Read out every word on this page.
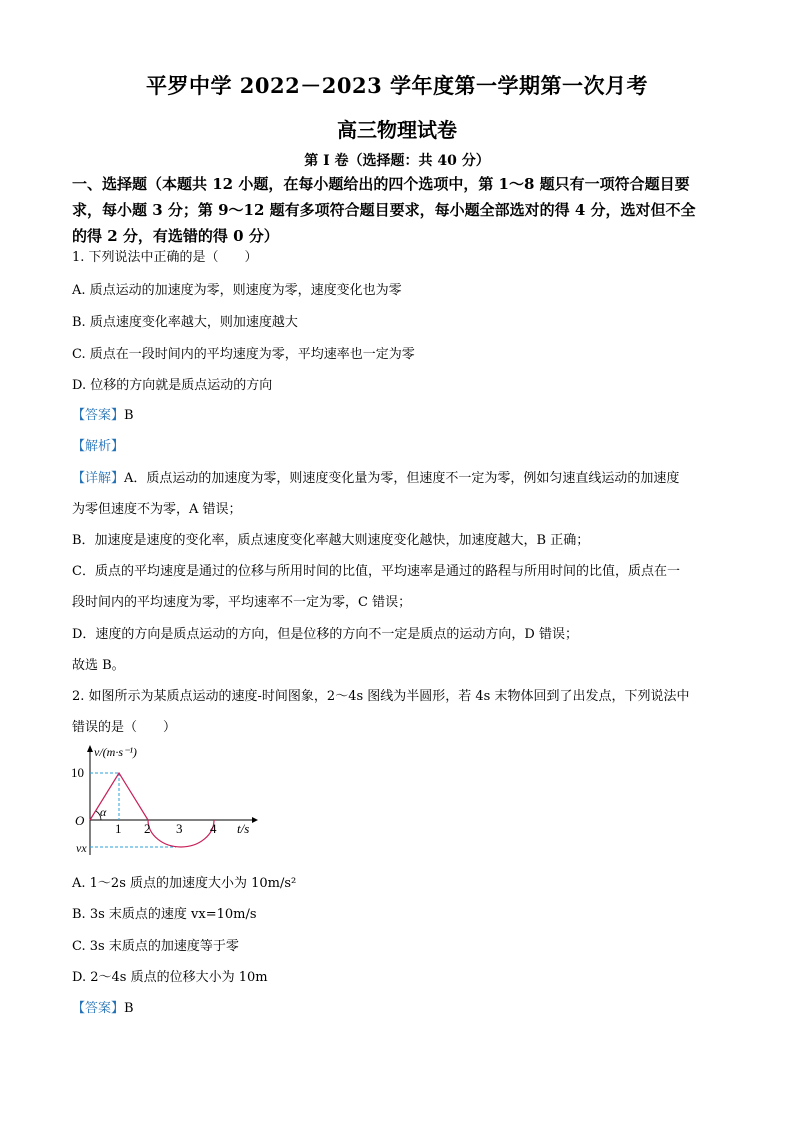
平罗中学 2022－2023 学年度第一学期第一次月考
高三物理试卷
第 I 卷（选择题：共 40 分）
一、选择题（本题共 12 小题，在每小题给出的四个选项中，第 1～8 题只有一项符合题目要
求，每小题 3 分；第 9～12 题有多项符合题目要求，每小题全部选对的得 4 分，选对但不全
的得 2 分，有选错的得 0 分）
1. 下列说法中正确的是（　　）
A. 质点运动的加速度为零，则速度为零，速度变化也为零
B. 质点速度变化率越大，则加速度越大
C. 质点在一段时间内的平均速度为零，平均速率也一定为零
D. 位移的方向就是质点运动的方向
【答案】B
【解析】
【详解】A．质点运动的加速度为零，则速度变化量为零，但速度不一定为零，例如匀速直线运动的加速度
为零但速度不为零，A 错误；
B．加速度是速度的变化率，质点速度变化率越大则速度变化越快，加速度越大，B 正确；
C．质点的平均速度是通过的位移与所用时间的比值，平均速率是通过的路程与所用时间的比值，质点在一
段时间内的平均速度为零，平均速率不一定为零，C 错误；
D．速度的方向是质点运动的方向，但是位移的方向不一定是质点的运动方向，D 错误；
故选 B。
2. 如图所示为某质点运动的速度-时间图象，2～4s 图线为半圆形，若 4s 末物体回到了出发点，下列说法中
错误的是（　　）
v/(m·s⁻¹)
10
O
α
vx
1 2 3 4 t/s
A. 1～2s 质点的加速度大小为 10m/s²
B. 3s 末质点的速度 vx=10m/s
C. 3s 末质点的加速度等于零
D. 2～4s 质点的位移大小为 10m
【答案】B
